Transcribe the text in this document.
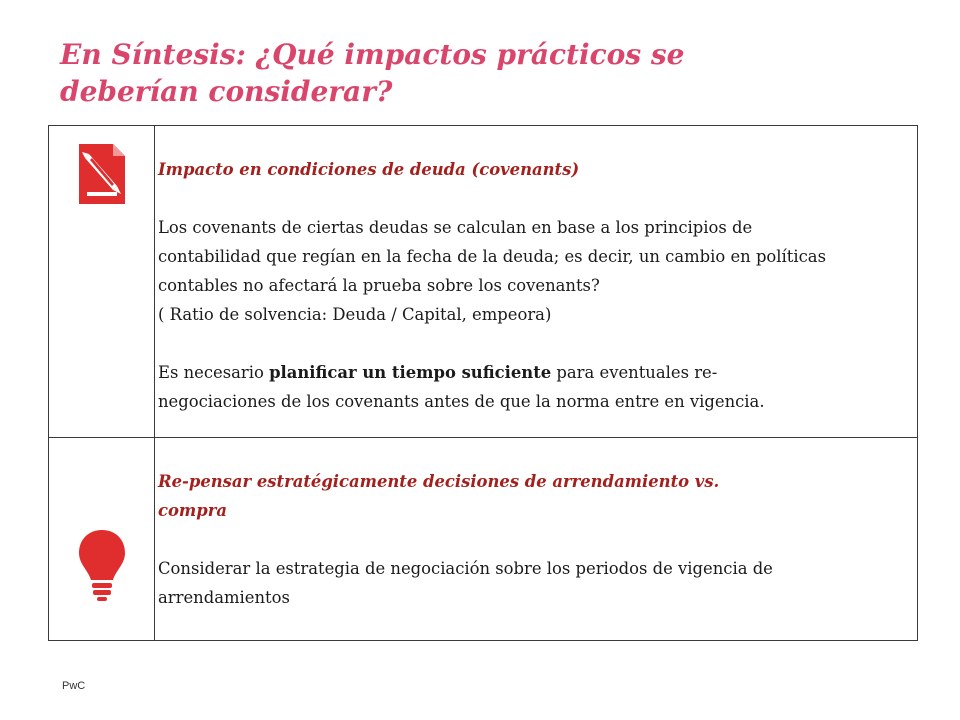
En Síntesis: ¿Qué impactos prácticos se
deberían considerar?

Impacto en condiciones de deuda (covenants)

Los covenants de ciertas deudas se calculan en base a los principios de

contabilidad que regían en la fecha de la deuda; es decir, un cambio en políticas

contables no afectará la prueba sobre los covenants?

( Ratio de solvencia: Deuda / Capital, empeora)

Es necesario planificar un tiempo suficiente para eventuales re-

negociaciones de los covenants antes de que la norma entre en vigencia.

Re-pensar estratégicamente decisiones de arrendamiento vs.

compra

Considerar la estrategia de negociación sobre los periodos de vigencia de

arrendamientos

PwC
